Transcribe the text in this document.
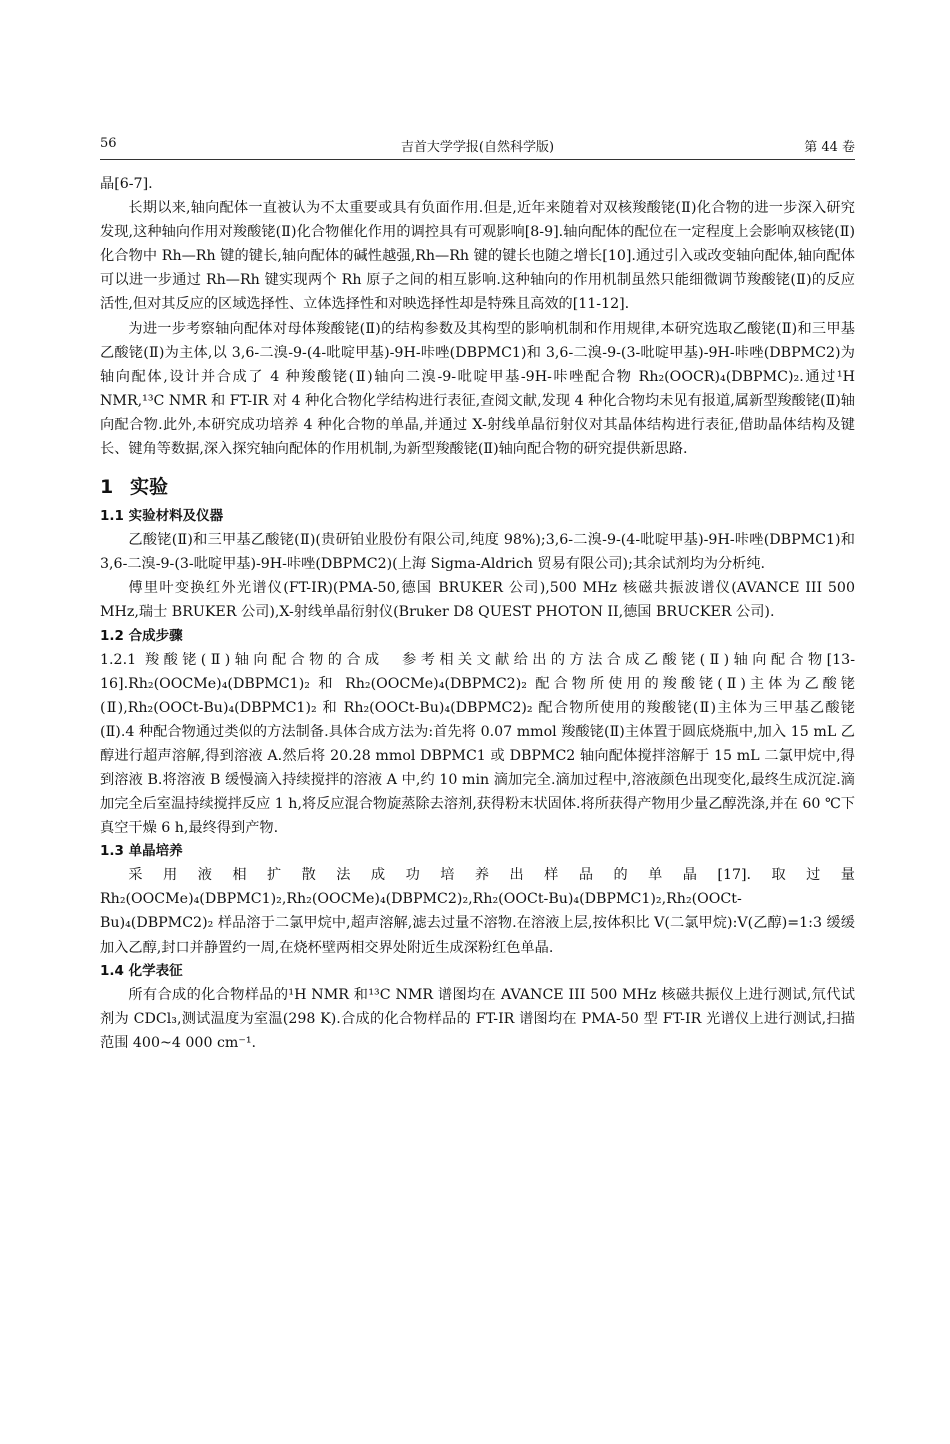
56	吉首大学学报(自然科学版)	第 44 卷

晶[6-7].

长期以来,轴向配体一直被认为不太重要或具有负面作用.但是,近年来随着对双核羧酸铑(Ⅱ)化合物的进一步深入研究发现,这种轴向作用对羧酸铑(Ⅱ)化合物催化作用的调控具有可观影响[8-9].轴向配体的配位在一定程度上会影响双核铑(Ⅱ)化合物中 Rh—Rh 键的键长,轴向配体的碱性越强,Rh—Rh 键的键长也随之增长[10].通过引入或改变轴向配体,轴向配体可以进一步通过 Rh—Rh 键实现两个 Rh 原子之间的相互影响.这种轴向的作用机制虽然只能细微调节羧酸铑(Ⅱ)的反应活性,但对其反应的区域选择性、立体选择性和对映选择性却是特殊且高效的[11-12].

为进一步考察轴向配体对母体羧酸铑(Ⅱ)的结构参数及其构型的影响机制和作用规律,本研究选取乙酸铑(Ⅱ)和三甲基乙酸铑(Ⅱ)为主体,以 3,6-二溴-9-(4-吡啶甲基)-9H-咔唑(DBPMC1)和 3,6-二溴-9-(3-吡啶甲基)-9H-咔唑(DBPMC2)为轴向配体,设计并合成了 4 种羧酸铑(Ⅱ)轴向二溴-9-吡啶甲基-9H-咔唑配合物 Rh₂(OOCR)₄(DBPMC)₂.通过¹H NMR,¹³C NMR 和 FT-IR 对 4 种化合物化学结构进行表征,查阅文献,发现 4 种化合物均未见有报道,属新型羧酸铑(Ⅱ)轴向配合物.此外,本研究成功培养 4 种化合物的单晶,并通过 X-射线单晶衍射仪对其晶体结构进行表征,借助晶体结构及键长、键角等数据,深入探究轴向配体的作用机制,为新型羧酸铑(Ⅱ)轴向配合物的研究提供新思路.

1 实验
1.1 实验材料及仪器

乙酸铑(Ⅱ)和三甲基乙酸铑(Ⅱ)(贵研铂业股份有限公司,纯度 98%);3,6-二溴-9-(4-吡啶甲基)-9H-咔唑(DBPMC1)和 3,6-二溴-9-(3-吡啶甲基)-9H-咔唑(DBPMC2)(上海 Sigma-Aldrich 贸易有限公司);其余试剂均为分析纯.

傅里叶变换红外光谱仪(FT-IR)(PMA-50,德国 BRUKER 公司),500 MHz 核磁共振波谱仪(AVANCE III 500 MHz,瑞士 BRUKER 公司),X-射线单晶衍射仪(Bruker D8 QUEST PHOTON II,德国 BRUCKER 公司).

1.2 合成步骤

1.2.1 羧酸铑(Ⅱ)轴向配合物的合成　参考相关文献给出的方法合成乙酸铑(Ⅱ)轴向配合物[13-16].Rh₂(OOCMe)₄(DBPMC1)₂ 和 Rh₂(OOCMe)₄(DBPMC2)₂ 配合物所使用的羧酸铑(Ⅱ)主体为乙酸铑(Ⅱ),Rh₂(OOCt-Bu)₄(DBPMC1)₂ 和 Rh₂(OOCt-Bu)₄(DBPMC2)₂ 配合物所使用的羧酸铑(Ⅱ)主体为三甲基乙酸铑(Ⅱ).4 种配合物通过类似的方法制备.具体合成方法为:首先将 0.07 mmol 羧酸铑(Ⅱ)主体置于圆底烧瓶中,加入 15 mL 乙醇进行超声溶解,得到溶液 A.然后将 20.28 mmol DBPMC1 或 DBPMC2 轴向配体搅拌溶解于 15 mL 二氯甲烷中,得到溶液 B.将溶液 B 缓慢滴入持续搅拌的溶液 A 中,约 10 min 滴加完全.滴加过程中,溶液颜色出现变化,最终生成沉淀.滴加完全后室温持续搅拌反应 1 h,将反应混合物旋蒸除去溶剂,获得粉末状固体.将所获得产物用少量乙醇洗涤,并在 60 ℃下真空干燥 6 h,最终得到产物.

1.3 单晶培养

采用液相扩散法成功培养出样品的单晶[17].取过量 Rh₂(OOCMe)₄(DBPMC1)₂,Rh₂(OOCMe)₄(DBPMC2)₂,Rh₂(OOCt-Bu)₄(DBPMC1)₂,Rh₂(OOCt-Bu)₄(DBPMC2)₂ 样品溶于二氯甲烷中,超声溶解,滤去过量不溶物.在溶液上层,按体积比 V(二氯甲烷):V(乙醇)=1:3 缓缓加入乙醇,封口并静置约一周,在烧杯壁两相交界处附近生成深粉红色单晶.

1.4 化学表征

所有合成的化合物样品的¹H NMR 和¹³C NMR 谱图均在 AVANCE III 500 MHz 核磁共振仪上进行测试,氘代试剂为 CDCl₃,测试温度为室温(298 K).合成的化合物样品的 FT-IR 谱图均在 PMA-50 型 FT-IR 光谱仪上进行测试,扫描范围 400~4 000 cm⁻¹.
